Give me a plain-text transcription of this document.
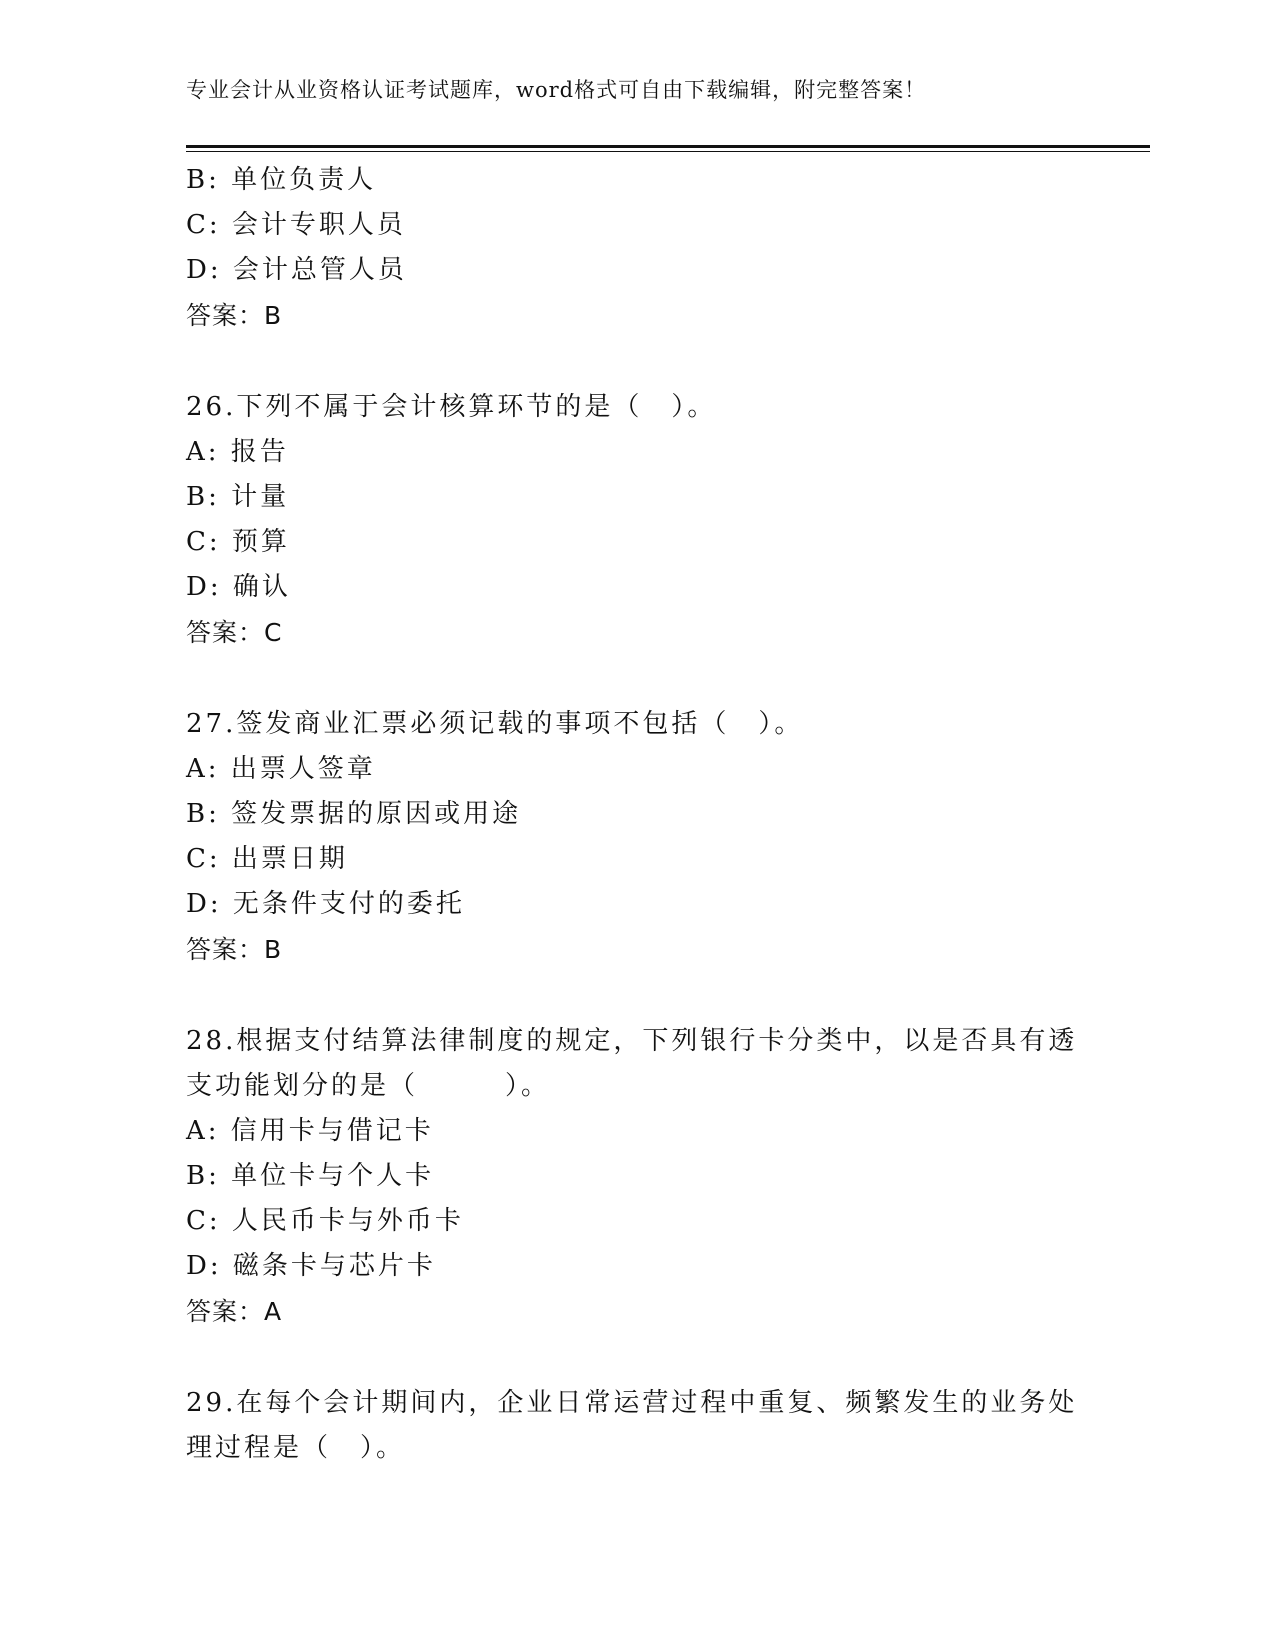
专业会计从业资格认证考试题库，word格式可自由下载编辑，附完整答案！
B: 单位负责人
C: 会计专职人员
D: 会计总管人员
答案：B
26.下列不属于会计核算环节的是（　）。
A: 报告
B: 计量
C: 预算
D: 确认
答案：C
27.签发商业汇票必须记载的事项不包括（　）。
A: 出票人签章
B: 签发票据的原因或用途
C: 出票日期
D: 无条件支付的委托
答案：B
28.根据支付结算法律制度的规定，下列银行卡分类中，以是否具有透
支功能划分的是（　　　）。
A: 信用卡与借记卡
B: 单位卡与个人卡
C: 人民币卡与外币卡
D: 磁条卡与芯片卡
答案：A
29.在每个会计期间内，企业日常运营过程中重复、频繁发生的业务处
理过程是（　）。
